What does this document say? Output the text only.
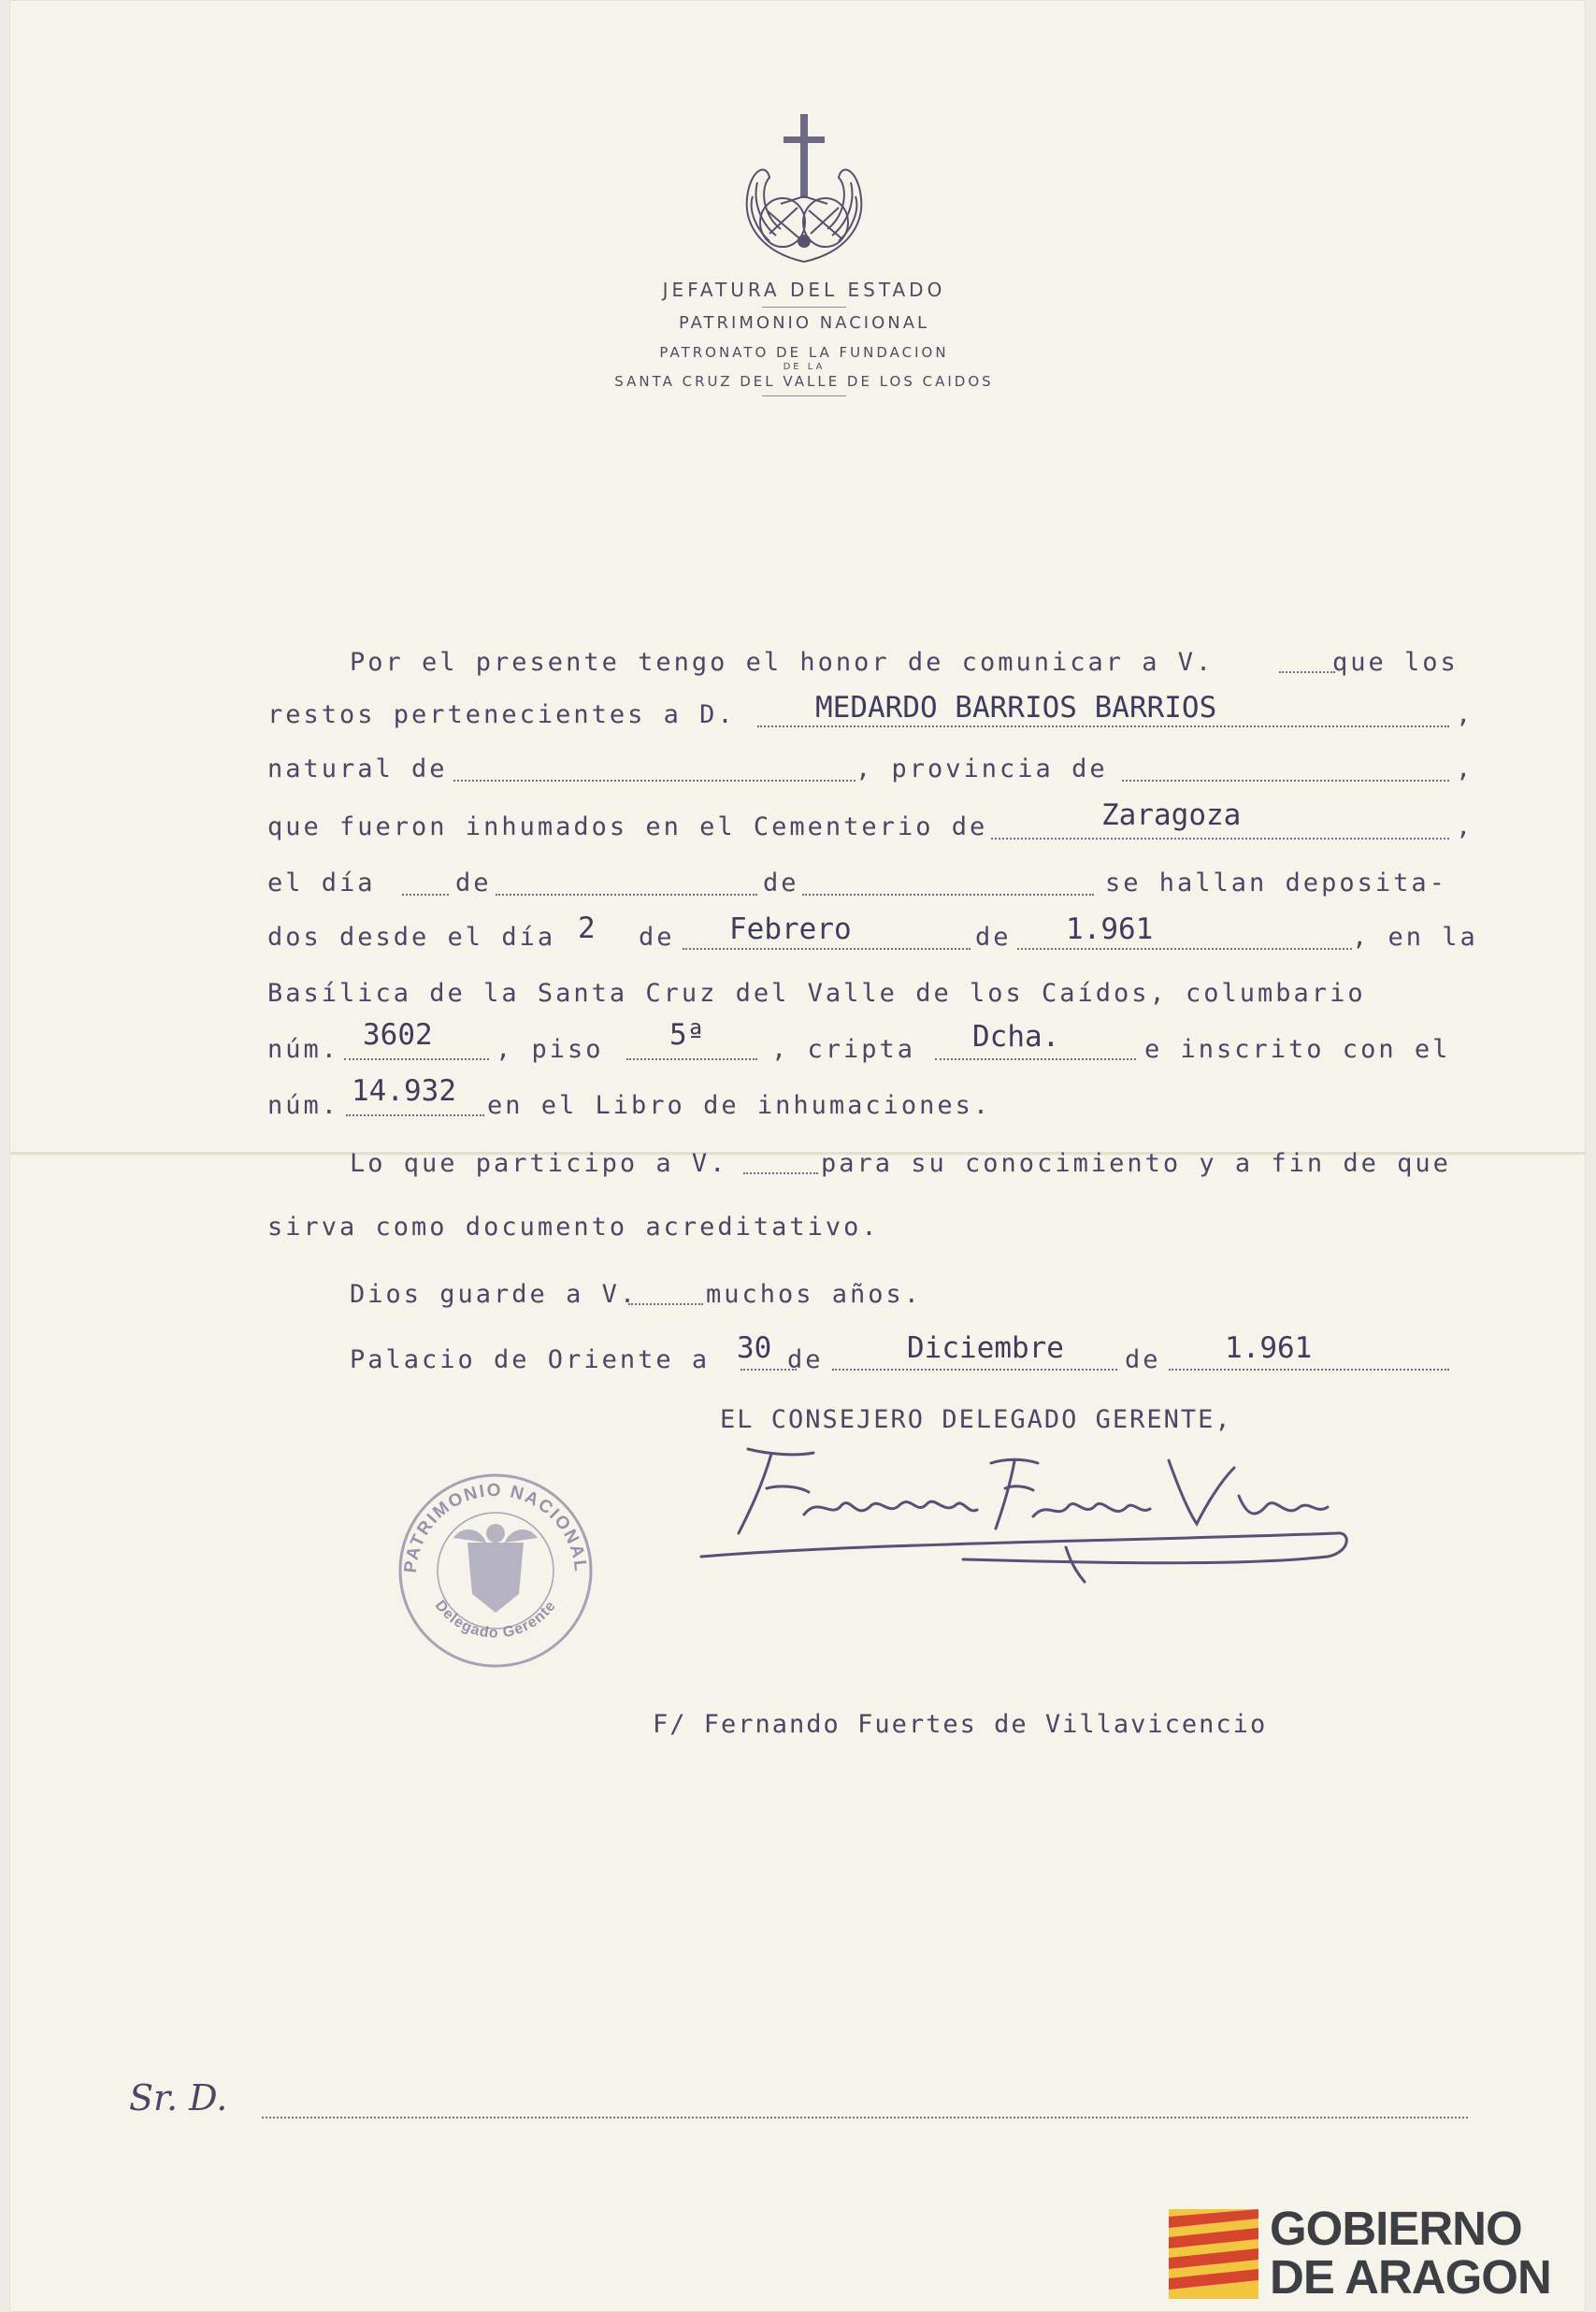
JEFATURA DEL ESTADO
PATRIMONIO NACIONAL
PATRONATO DE LA FUNDACION
DE LA
SANTA CRUZ DEL VALLE DE LOS CAIDOS
Por el presente tengo el honor de comunicar a V.	que los
restos pertenecientes a D.	MEDARDO BARRIOS BARRIOS	,
natural de	, provincia de	,
que fueron inhumados en el Cementerio de	Zaragoza	,
el día	de	de	se hallan deposita-
dos desde el día 2 de Febrero	de 1.961	, en la
Basílica de la Santa Cruz del Valle de los Caídos, columbario
núm. 3602 , piso 5ª	, cripta Dcha.	e inscrito con el
núm. 14.932 en el Libro de inhumaciones.
Lo que participo a V.	para su conocimiento y a fin de que
sirva como documento acreditativo.
Dios guarde a V.	muchos años.
Palacio de Oriente a 30 de	Diciembre de 1.961
EL CONSEJERO DELEGADO GERENTE,
PATRIMONIO NACIONAL
Delegado Gerente
F/ Fernando Fuertes de Villavicencio
Sr. D.
GOBIERNO
DE ARAGON
